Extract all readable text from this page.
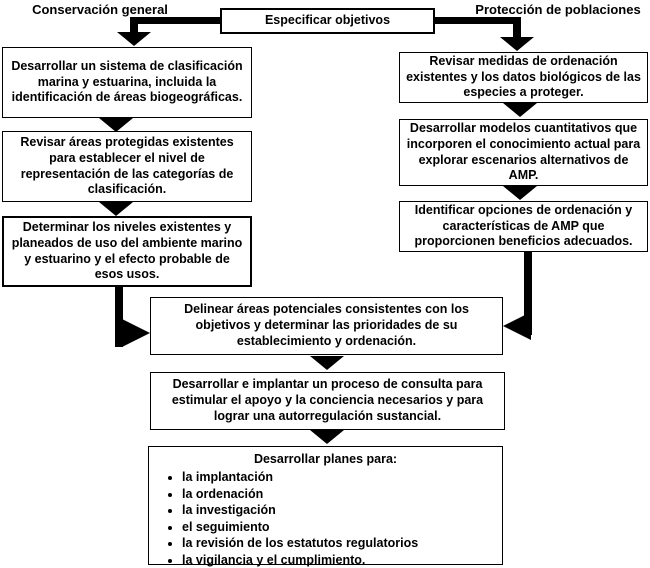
Conservación general	Protección de poblaciones
Especificar objetivos
Desarrollar un sistema de clasificación marina y estuarina, incluida la identificación de áreas biogeográficas.
Revisar áreas protegidas existentes para establecer el nivel de representación de las categorías de clasificación.
Determinar los niveles existentes y planeados de uso del ambiente marino y estuarino y el efecto probable de esos usos.
Revisar medidas de ordenación existentes y los datos biológicos de las especies a proteger.
Desarrollar modelos cuantitativos que incorporen el conocimiento actual para explorar escenarios alternativos de AMP.
Identificar opciones de ordenación y características de AMP que proporcionen beneficios adecuados.
Delinear áreas potenciales consistentes con los objetivos y determinar las prioridades de su establecimiento y ordenación.
Desarrollar e implantar un proceso de consulta para estimular el apoyo y la conciencia necesarios y para lograr una autorregulación sustancial.
Desarrollar planes para:
• la implantación
• la ordenación
• la investigación
• el seguimiento
• la revisión de los estatutos regulatorios
• la vigilancia y el cumplimiento.
